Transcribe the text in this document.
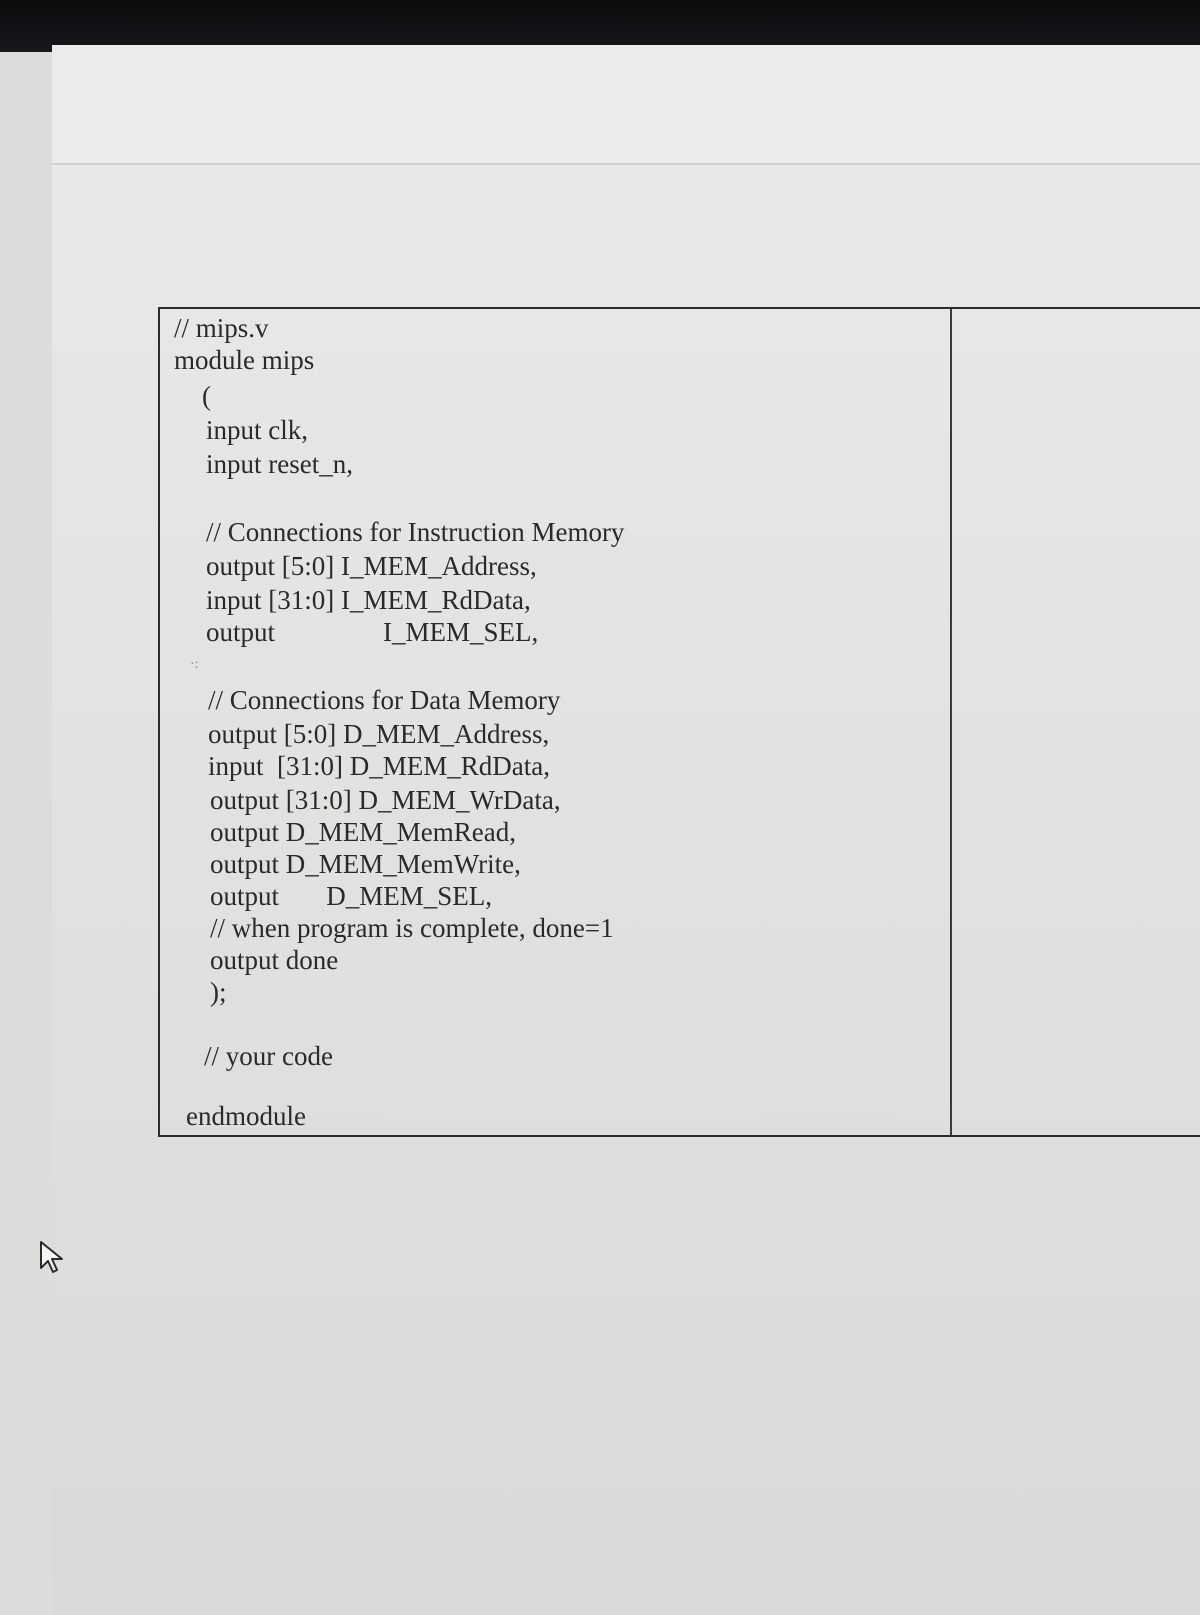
// mips.v
module mips
(
input clk,
input reset_n,
// Connections for Instruction Memory
output [5:0] I_MEM_Address,
input [31:0] I_MEM_RdData,
output                I_MEM_SEL,
·:
// Connections for Data Memory
output [5:0] D_MEM_Address,
input  [31:0] D_MEM_RdData,
output [31:0] D_MEM_WrData,
output D_MEM_MemRead,
output D_MEM_MemWrite,
output       D_MEM_SEL,
// when program is complete, done=1
output done
);
// your code
endmodule
